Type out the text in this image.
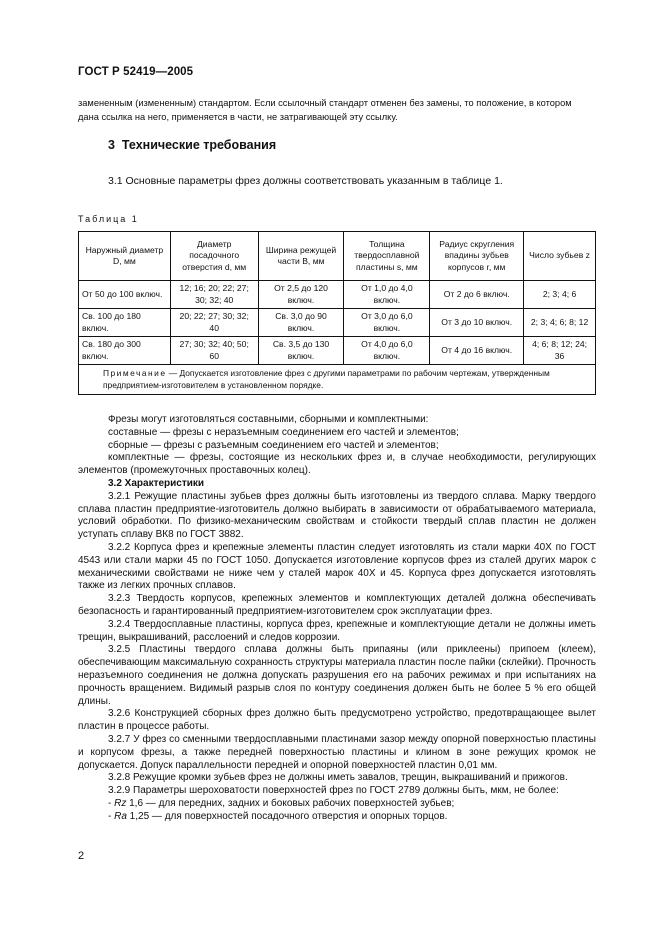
ГОСТ Р 52419—2005

замененным (измененным) стандартом. Если ссылочный стандарт отменен без замены, то положение, в котором

дана ссылка на него, применяется в части, не затрагивающей эту ссылку.

3 Технические требования
3.1 Основные параметры фрез должны соответствовать указанным в таблице 1.
Таблица 1
Наружный диаметр D, мм	Диаметр посадочного отверстия d, мм	Ширина режущей части B, мм	Толщина твердосплавной пластины s, мм	Радиус скругления впадины зубьев корпусов r, мм	Число зубьев z
От 50 до 100 включ.	12; 16; 20; 22; 27; 30; 32; 40	От 2,5 до 120 включ.	От 1,0 до 4,0 включ.	От 2 до 6 включ.	2; 3; 4; 6
Св. 100 до 180 включ.	20; 22; 27; 30; 32; 40	Св. 3,0 до 90 включ.	От 3,0 до 6,0 включ.	От 3 до 10 включ.	2; 3; 4; 6; 8; 12
Св. 180 до 300 включ.	27; 30; 32; 40; 50; 60	Св. 3,5 до 130 включ.	От 4,0 до 6,0 включ.	От 4 до 16 включ.	4; 6; 8; 12; 24; 36
Примечание — Допускается изготовление фрез с другими параметрами по рабочим чертежам, утвержденным предприятием-изготовителем в установленном порядке.					

Фрезы могут изготовляться составными, сборными и комплектными:

составные — фрезы с неразъемным соединением его частей и элементов;

сборные — фрезы с разъемным соединением его частей и элементов;

комплектные — фрезы, состоящие из нескольких фрез и, в случае необходимости, регулирующих элементов (промежуточных проставочных колец).

3.2 Характеристики

3.2.1 Режущие пластины зубьев фрез должны быть изготовлены из твердого сплава. Марку твердого сплава пластин предприятие-изготовитель должно выбирать в зависимости от обрабатываемого материала, условий обработки. По физико-механическим свойствам и стойкости твердый сплав пластин не должен уступать сплаву ВК8 по ГОСТ 3882.

3.2.2 Корпуса фрез и крепежные элементы пластин следует изготовлять из стали марки 40Х по ГОСТ 4543 или стали марки 45 по ГОСТ 1050. Допускается изготовление корпусов фрез из сталей других марок с механическими свойствами не ниже чем у сталей марок 40Х и 45. Корпуса фрез допускается изготовлять также из легких прочных сплавов.

3.2.3 Твердость корпусов, крепежных элементов и комплектующих деталей должна обеспечивать безопасность и гарантированный предприятием-изготовителем срок эксплуатации фрез.

3.2.4 Твердосплавные пластины, корпуса фрез, крепежные и комплектующие детали не должны иметь трещин, выкрашиваний, расслоений и следов коррозии.

3.2.5 Пластины твердого сплава должны быть припаяны (или приклеены) припоем (клеем), обеспечивающим максимальную сохранность структуры материала пластин после пайки (склейки). Прочность неразъемного соединения не должна допускать разрушения его на рабочих режимах и при испытаниях на прочность вращением. Видимый разрыв слоя по контуру соединения должен быть не более 5 % его общей длины.

3.2.6 Конструкцией сборных фрез должно быть предусмотрено устройство, предотвращающее вылет пластин в процессе работы.

3.2.7 У фрез со сменными твердосплавными пластинами зазор между опорной поверхностью пластины и корпусом фрезы, а также передней поверхностью пластины и клином в зоне режущих кромок не допускается. Допуск параллельности передней и опорной поверхностей пластин 0,01 мм.

3.2.8 Режущие кромки зубьев фрез не должны иметь завалов, трещин, выкрашиваний и прижогов.

3.2.9 Параметры шероховатости поверхностей фрез по ГОСТ 2789 должны быть, мкм, не более:

- Rz 1,6 — для передних, задних и боковых рабочих поверхностей зубьев;

- Ra 1,25 — для поверхностей посадочного отверстия и опорных торцов.

2
